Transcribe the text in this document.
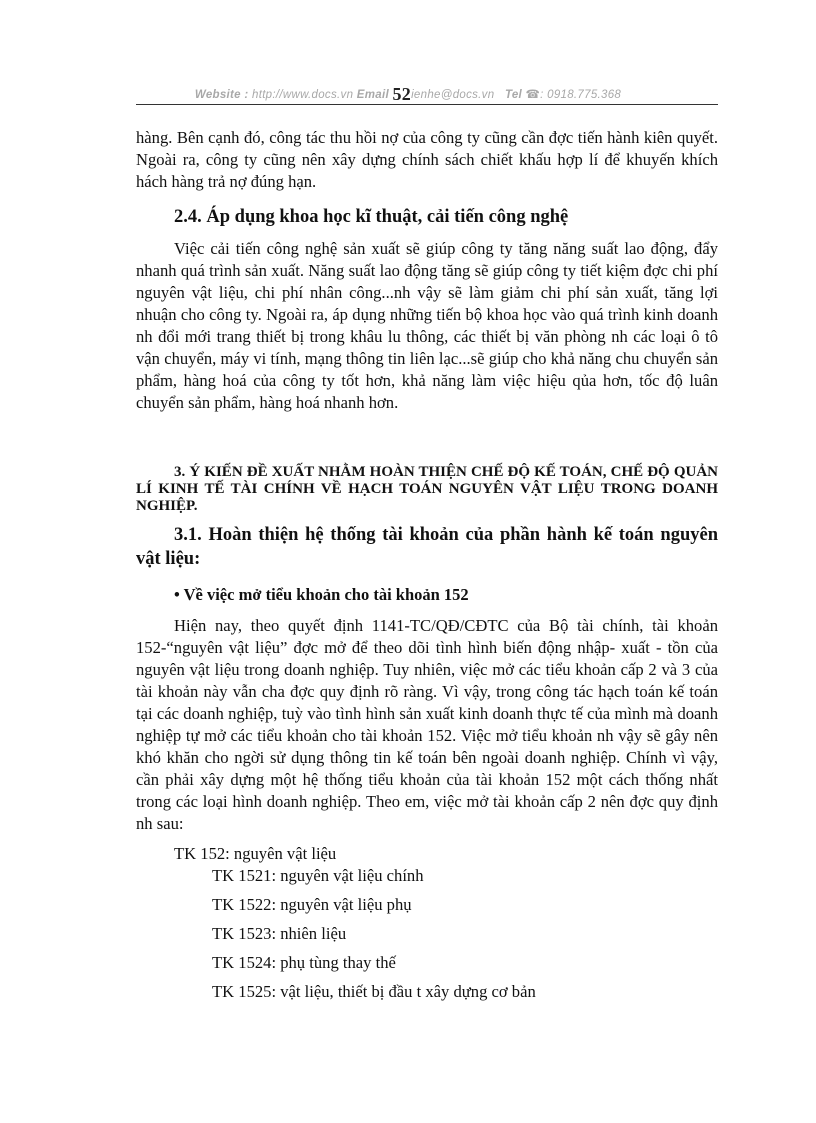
Website : http://www.docs.vn Email 52ienhe@docs.vn Tel ☎: 0918.775.368

hàng. Bên cạnh đó, công tác thu hồi nợ của công ty cũng cần đợc tiến hành kiên quyết. Ngoài ra, công ty cũng nên xây dựng chính sách chiết khấu hợp lí để khuyến khích hách hàng trả nợ đúng hạn.

2.4. Áp dụng khoa học kĩ thuật, cải tiến công nghệ

Việc cải tiến công nghệ sản xuất sẽ giúp công ty tăng năng suất lao động, đẩy nhanh quá trình sản xuất. Năng suất lao động tăng sẽ giúp công ty tiết kiệm đợc chi phí nguyên vật liệu, chi phí nhân công...nh vậy sẽ làm giảm chi phí sản xuất, tăng lợi nhuận cho công ty. Ngoài ra, áp dụng những tiến bộ khoa học vào quá trình kinh doanh nh đổi mới trang thiết bị trong khâu lu thông, các thiết bị văn phòng nh các loại ô tô vận chuyển, máy vi tính, mạng thông tin liên lạc...sẽ giúp cho khả năng chu chuyển sản phẩm, hàng hoá của công ty tốt hơn, khả năng làm việc hiệu qủa hơn, tốc độ luân chuyển sản phẩm, hàng hoá nhanh hơn.

3. Ý KIẾN ĐỀ XUẤT NHẰM HOÀN THIỆN CHẾ ĐỘ KẾ TOÁN, CHẾ ĐỘ QUẢN LÍ KINH TẾ TÀI CHÍNH VỀ HẠCH TOÁN NGUYÊN VẬT LIỆU TRONG DOANH NGHIỆP.
3.1. Hoàn thiện hệ thống tài khoản của phần hành kế toán nguyên vật liệu:
• Về việc mở tiểu khoản cho tài khoản 152

Hiện nay, theo quyết định 1141-TC/QĐ/CĐTC của Bộ tài chính, tài khoản 152-“nguyên vật liệu” đợc mở để theo dõi tình hình biến động nhập- xuất - tồn của nguyên vật liệu trong doanh nghiệp. Tuy nhiên, việc mở các tiểu khoản cấp 2 và 3 của tài khoản này vẫn cha đợc quy định rõ ràng. Vì vậy, trong công tác hạch toán kế toán tại các doanh nghiệp, tuỳ vào tình hình sản xuất kinh doanh thực tế của mình mà doanh nghiệp tự mở các tiểu khoản cho tài khoản 152. Việc mở tiểu khoản nh vậy sẽ gây nên khó khăn cho ngời sử dụng thông tin kế toán bên ngoài doanh nghiệp. Chính vì vậy, cần phải xây dựng một hệ thống tiểu khoản của tài khoản 152 một cách thống nhất trong các loại hình doanh nghiệp. Theo em, việc mở tài khoản cấp 2 nên đợc quy định nh sau:

TK 152: nguyên vật liệu
TK 1521: nguyên vật liệu chính
TK 1522: nguyên vật liệu phụ
TK 1523: nhiên liệu
TK 1524: phụ tùng thay thế
TK 1525: vật liệu, thiết bị đầu t xây dựng cơ bản
